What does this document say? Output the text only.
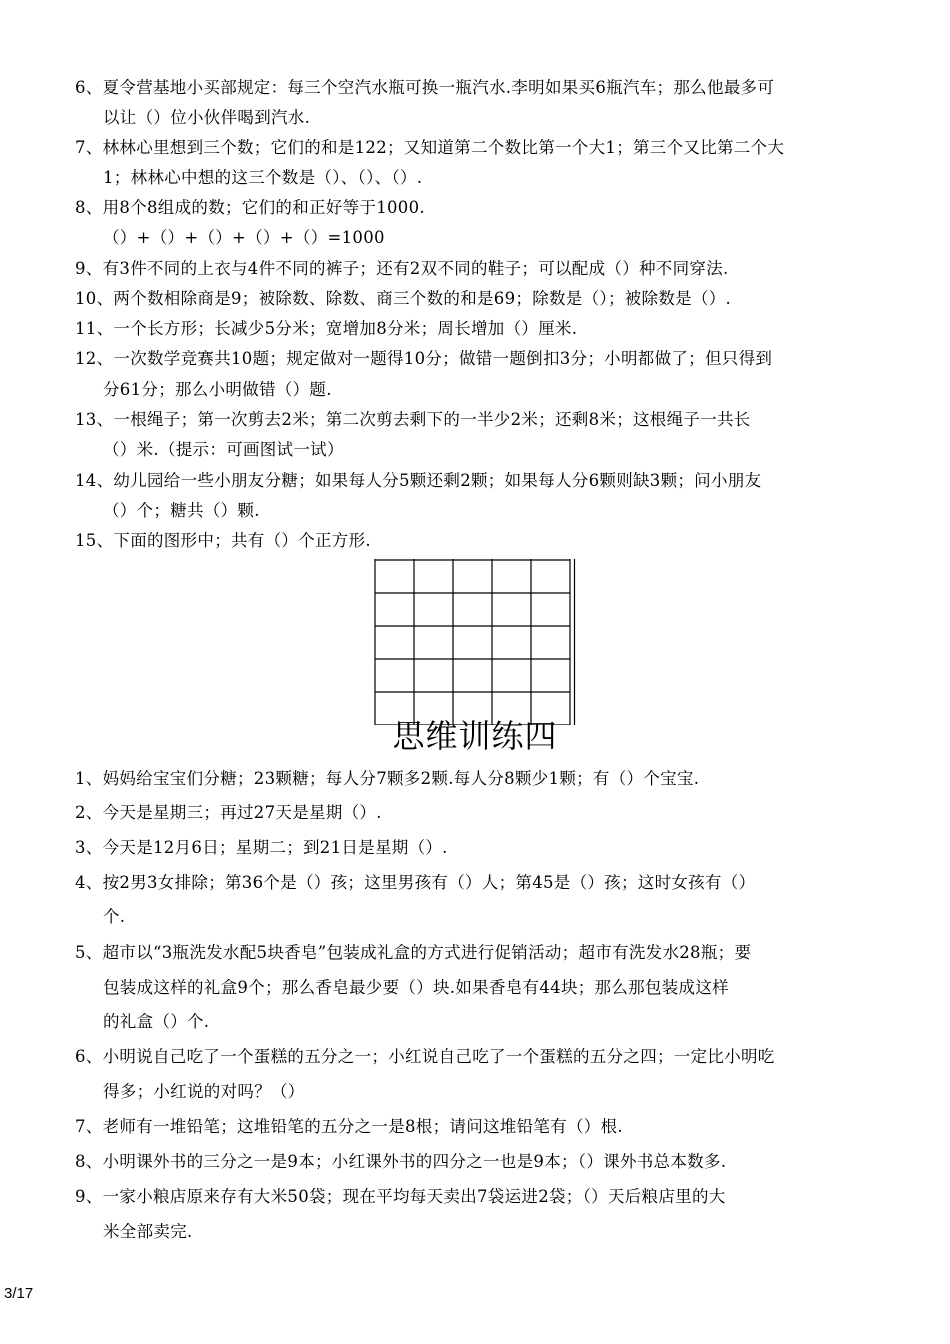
6、夏令营基地小买部规定：每三个空汽水瓶可换一瓶汽水.李明如果买6瓶汽车；那么他最多可
以让（）位小伙伴喝到汽水.
7、林林心里想到三个数；它们的和是122；又知道第二个数比第一个大1；第三个又比第二个大
1；林林心中想的这三个数是（）、（）、（）.
8、用8个8组成的数；它们的和正好等于1000.
（）+（）+（）+（）+（）=1000
9、有3件不同的上衣与4件不同的裤子；还有2双不同的鞋子；可以配成（）种不同穿法.
10、两个数相除商是9；被除数、除数、商三个数的和是69；除数是（）；被除数是（）.
11、一个长方形；长减少5分米；宽增加8分米；周长增加（）厘米.
12、一次数学竞赛共10题；规定做对一题得10分；做错一题倒扣3分；小明都做了；但只得到
分61分；那么小明做错（）题.
13、一根绳子；第一次剪去2米；第二次剪去剩下的一半少2米；还剩8米；这根绳子一共长
（）米.（提示：可画图试一试）
14、幼儿园给一些小朋友分糖；如果每人分5颗还剩2颗；如果每人分6颗则缺3颗；问小朋友
（）个；糖共（）颗.
15、下面的图形中；共有（）个正方形.
思维训练四
1、妈妈给宝宝们分糖；23颗糖；每人分7颗多2颗.每人分8颗少1颗；有（）个宝宝.
2、今天是星期三；再过27天是星期（）.
3、今天是12月6日；星期二；到21日是星期（）.
4、按2男3女排除；第36个是（）孩；这里男孩有（）人；第45是（）孩；这时女孩有（）
个.
5、超市以“3瓶洗发水配5块香皂”包装成礼盒的方式进行促销活动；超市有洗发水28瓶；要
包装成这样的礼盒9个；那么香皂最少要（）块.如果香皂有44块；那么那包装成这样
的礼盒（）个.
6、小明说自己吃了一个蛋糕的五分之一；小红说自己吃了一个蛋糕的五分之四；一定比小明吃
得多；小红说的对吗？（）
7、老师有一堆铅笔；这堆铅笔的五分之一是8根；请问这堆铅笔有（）根.
8、小明课外书的三分之一是9本；小红课外书的四分之一也是9本；（）课外书总本数多.
9、一家小粮店原来存有大米50袋；现在平均每天卖出7袋运进2袋；（）天后粮店里的大
米全部卖完.
3/17
